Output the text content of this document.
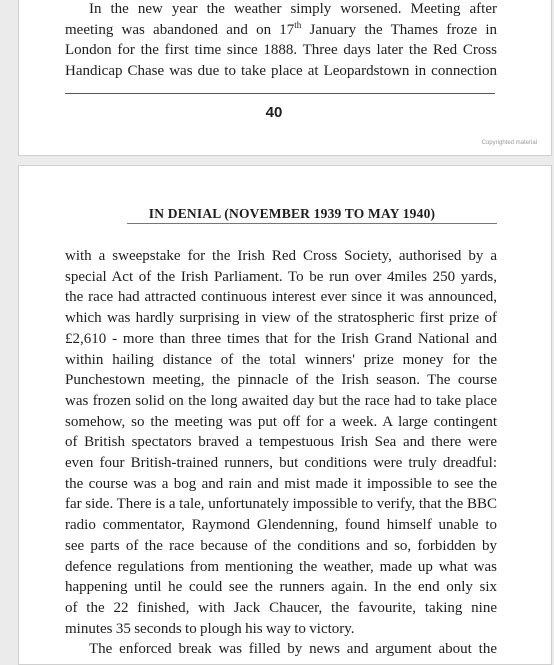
In the new year the weather simply worsened. Meeting after
meeting was abandoned and on 17th January the Thames froze in
London for the first time since 1888. Three days later the Red Cross
Handicap Chase was due to take place at Leopardstown in connection
40
Copyrighted material
IN DENIAL (NOVEMBER 1939 TO MAY 1940)
with a sweepstake for the Irish Red Cross Society, authorised by a
special Act of the Irish Parliament. To be run over 4miles 250 yards,
the race had attracted continuous interest ever since it was announced,
which was hardly surprising in view of the stratospheric first prize of
£2,610 - more than three times that for the Irish Grand National and
within hailing distance of the total winners' prize money for the
Punchestown meeting, the pinnacle of the Irish season. The course
was frozen solid on the long awaited day but the race had to take place
somehow, so the meeting was put off for a week. A large contingent
of British spectators braved a tempestuous Irish Sea and there were
even four British-trained runners, but conditions were truly dreadful:
the course was a bog and rain and mist made it impossible to see the
far side. There is a tale, unfortunately impossible to verify, that the BBC
radio commentator, Raymond Glendenning, found himself unable to
see parts of the race because of the conditions and so, forbidden by
defence regulations from mentioning the weather, made up what was
happening until he could see the runners again. In the end only six
of the 22 finished, with Jack Chaucer, the favourite, taking nine
minutes 35 seconds to plough his way to victory.
The enforced break was filled by news and argument about the
